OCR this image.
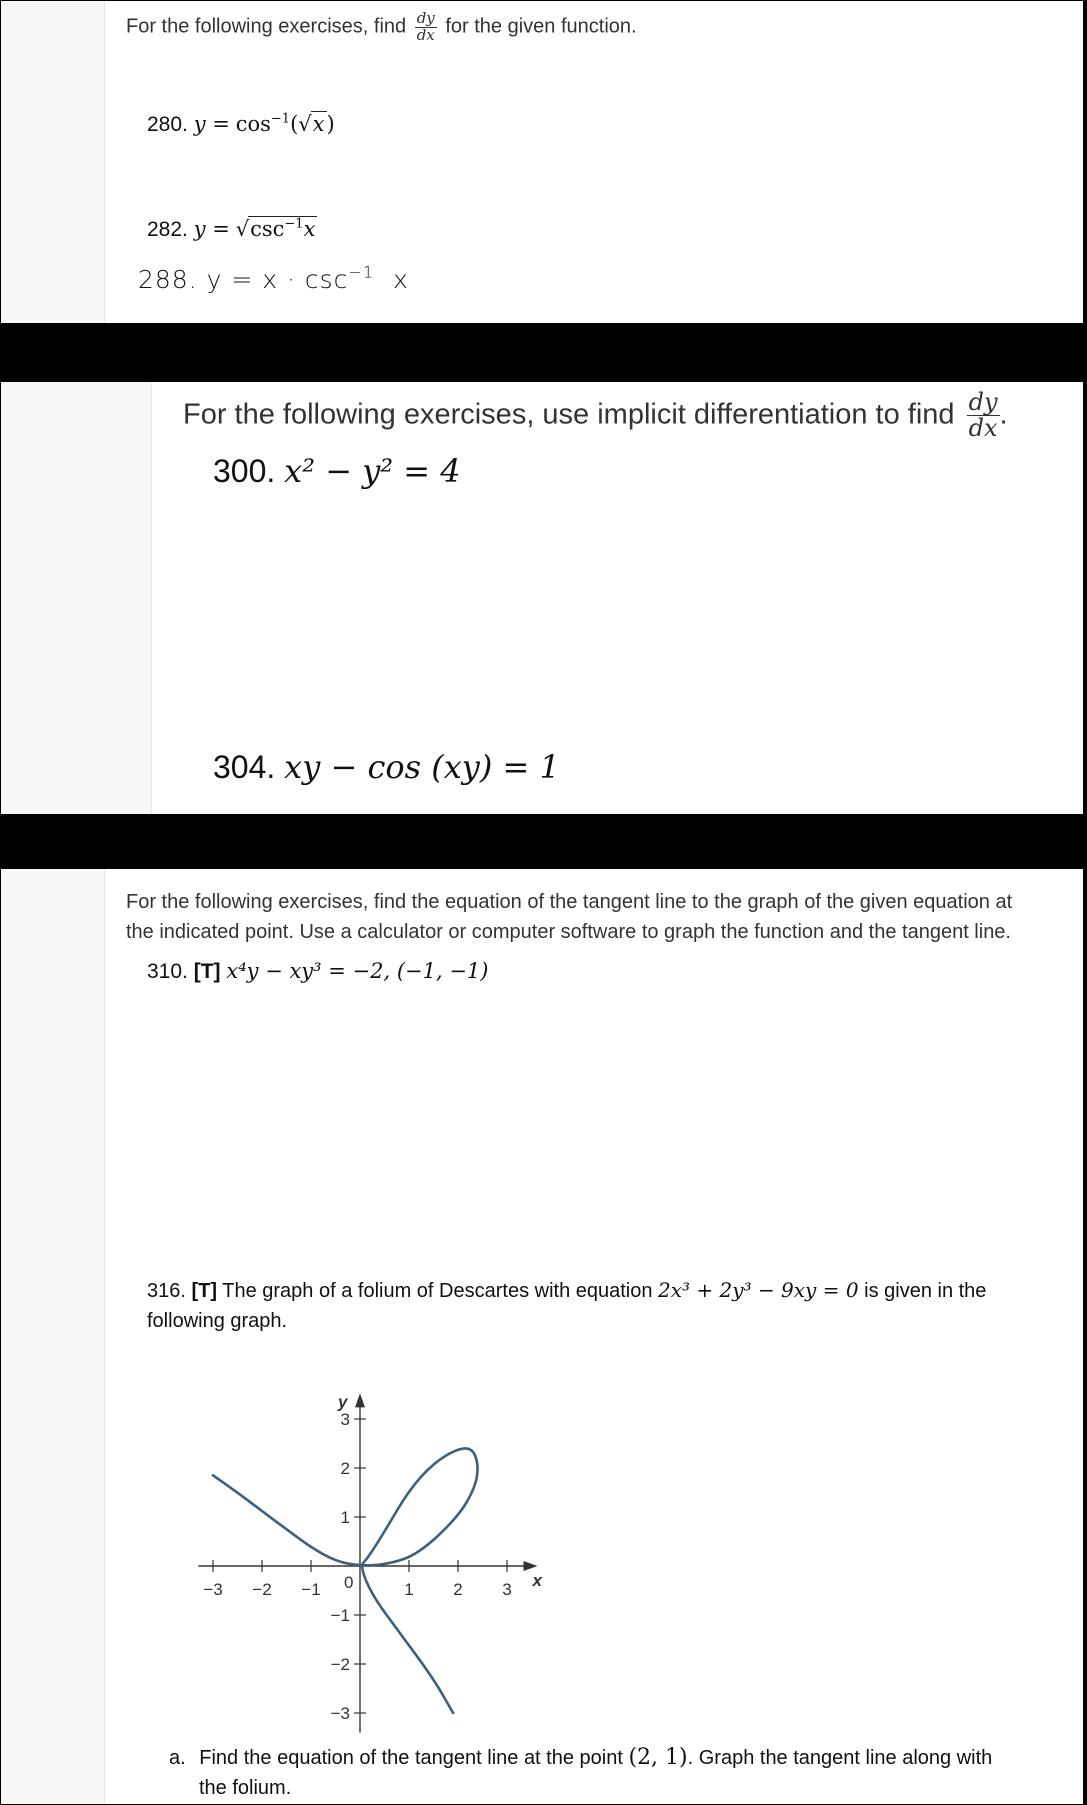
For the following exercises, find $\frac{dy}{dx}$ for the given function.
280. $y = \cos^{-1}(√x)$
282. $y = √\csc^{-1}x$
288. $y = x \cdot \csc^{-1} x$
For the following exercises, use implicit differentiation to find $\frac{dy}{dx}$ .
300. x² − y² = 4
304. xy − cos (xy) = 1
For the following exercises, find the equation of the tangent line to the graph of the given equation at
the indicated point. Use a calculator or computer software to graph the function and the tangent line.
310. [T] x⁴y − xy³ = −2, (−1, −1)
316. [T] The graph of a folium of Descartes with equation 2x³ + 2y³ − 9xy = 0 is given in the
following graph.
−3 −2 −1	1 2 3
3
2
1
−1
−2
−3
0	x
y
a. Find the equation of the tangent line at the point (2, 1). Graph the tangent line along with
the folium.
